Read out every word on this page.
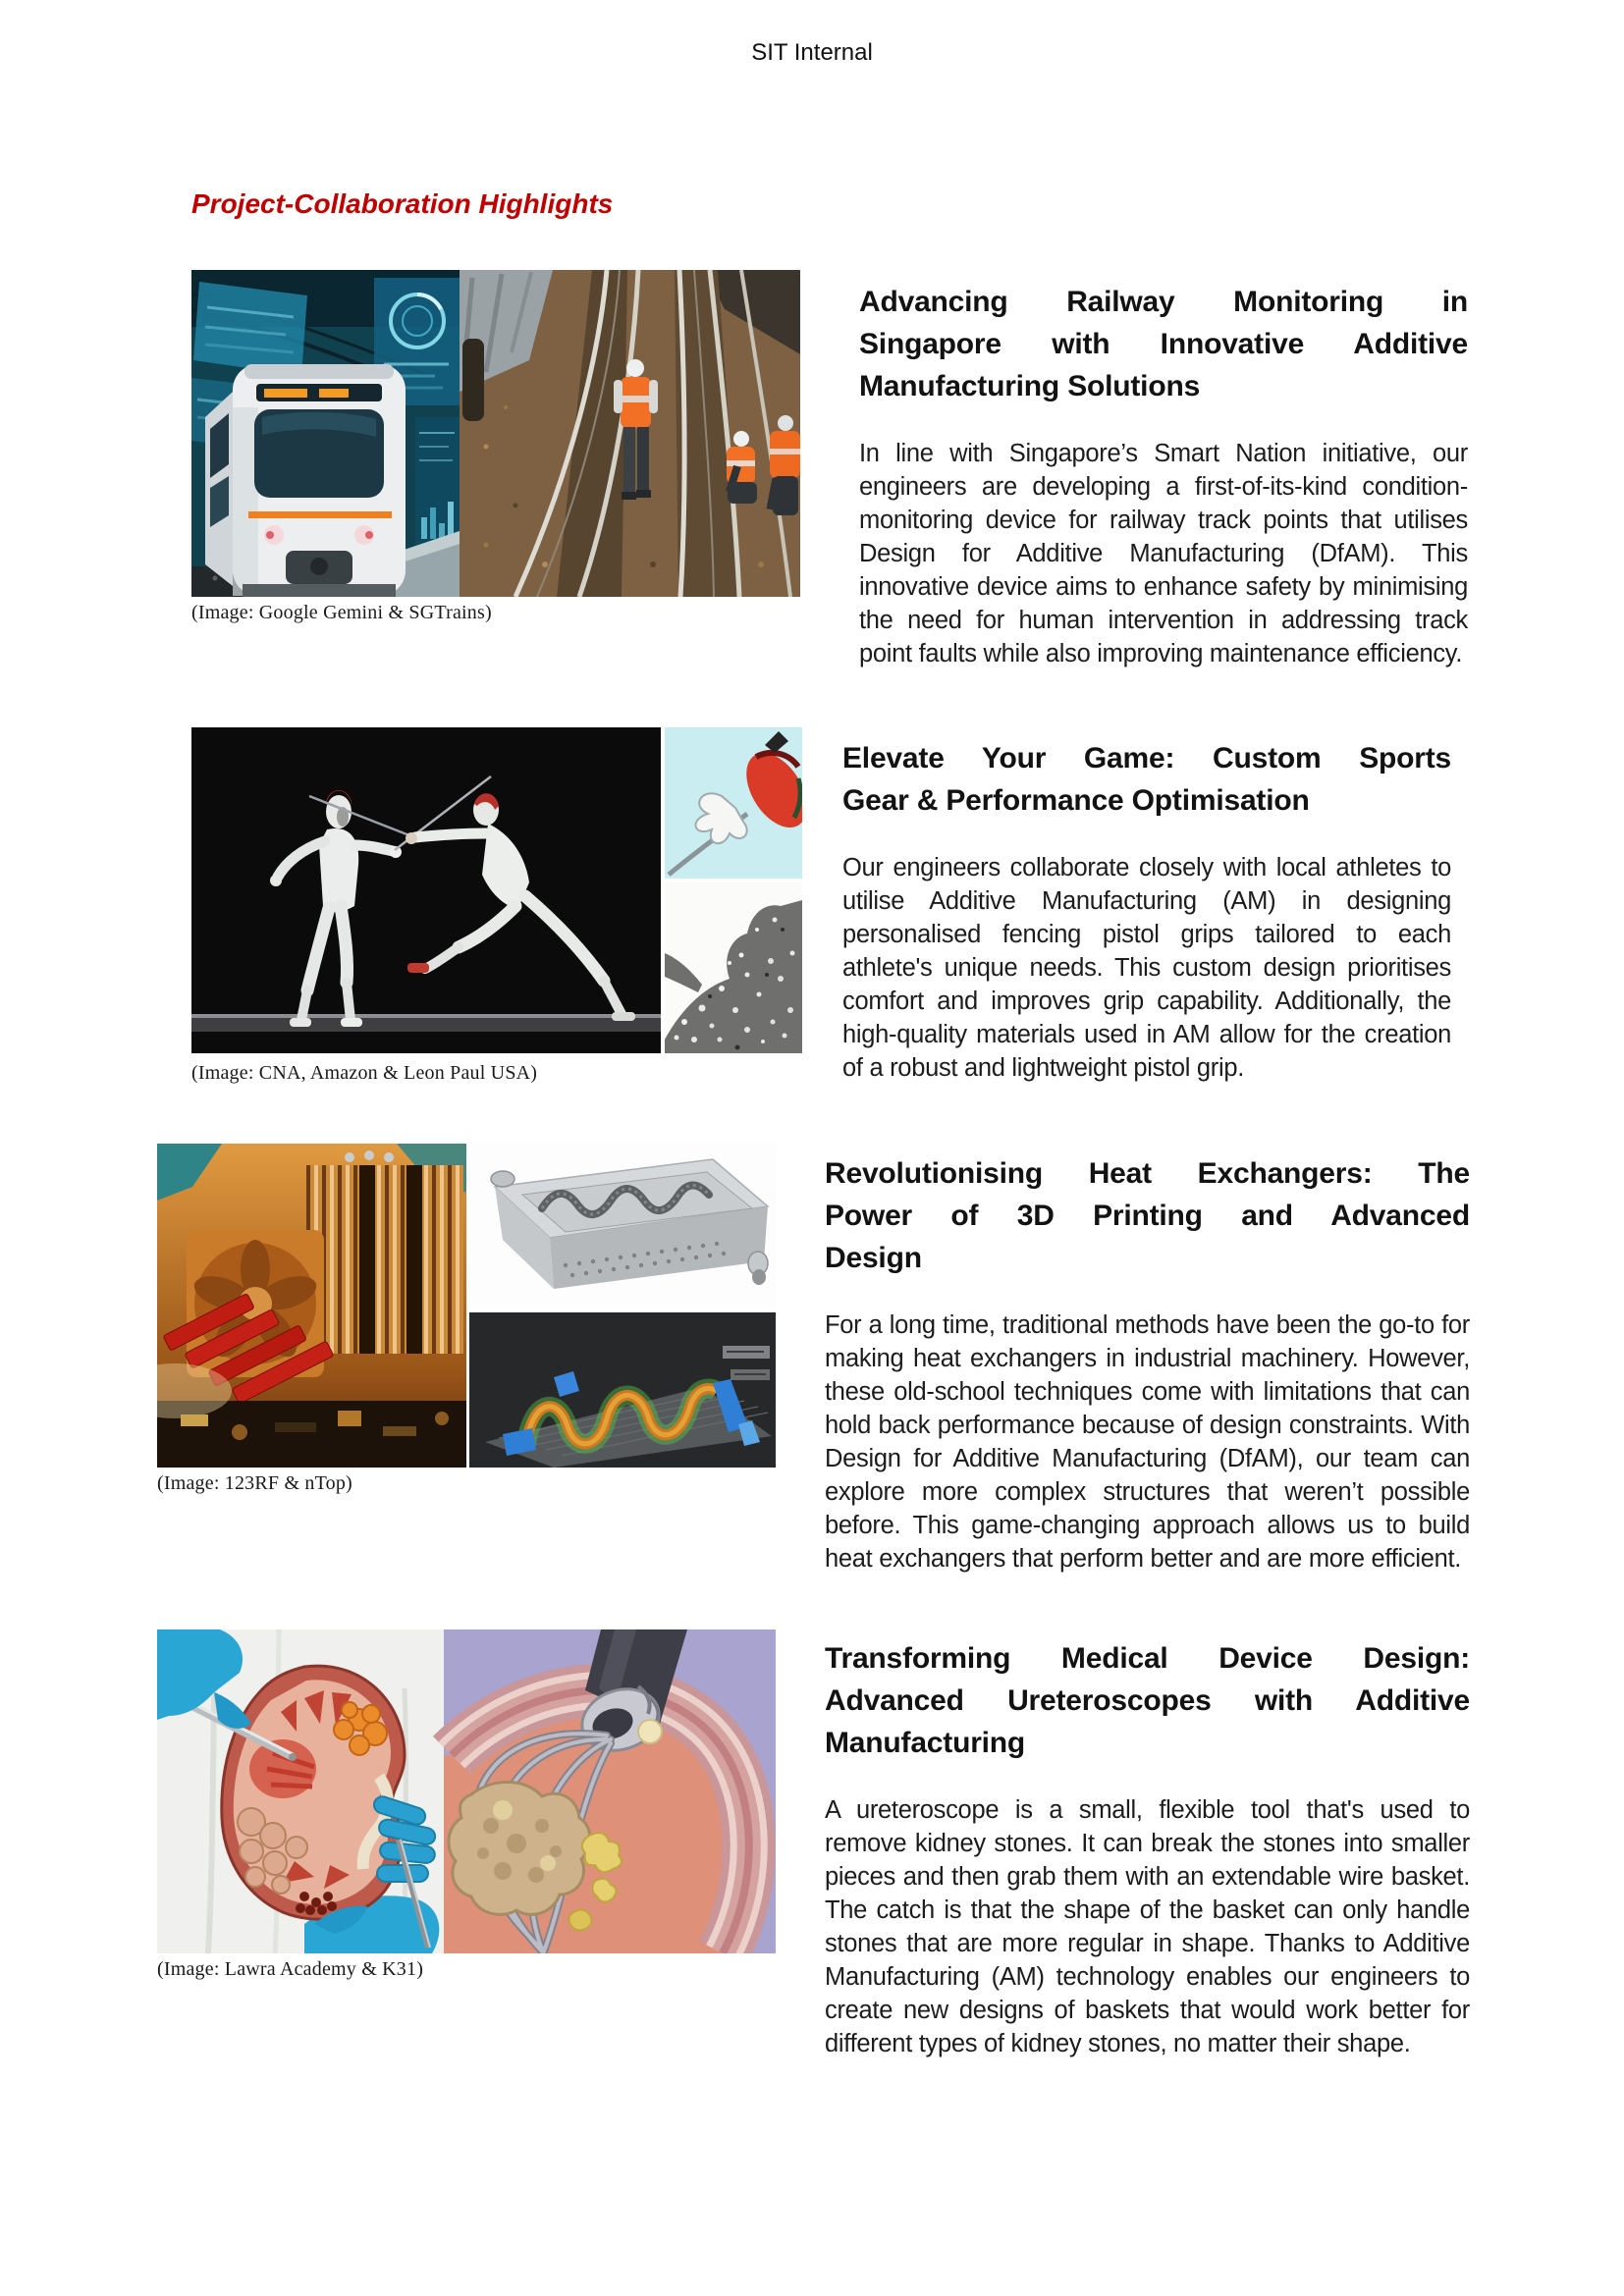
SIT Internal
Project-Collaboration Highlights
(Image: Google Gemini & SGTrains)
Advancing Railway Monitoring in
Singapore with Innovative Additive
Manufacturing Solutions

In line with Singapore’s Smart Nation initiative, our engineers are developing a first-of-its-kind condition-monitoring device for railway track points that utilises Design for Additive Manufacturing (DfAM). This innovative device aims to enhance safety by minimising the need for human intervention in addressing track point faults while also improving maintenance efficiency.

(Image: CNA, Amazon & Leon Paul USA)
Elevate Your Game: Custom Sports
Gear & Performance Optimisation

Our engineers collaborate closely with local athletes to utilise Additive Manufacturing (AM) in designing personalised fencing pistol grips tailored to each athlete's unique needs. This custom design prioritises comfort and improves grip capability. Additionally, the high-quality materials used in AM allow for the creation of a robust and lightweight pistol grip.

(Image: 123RF & nTop)
Revolutionising Heat Exchangers: The
Power of 3D Printing and Advanced
Design

For a long time, traditional methods have been the go-to for making heat exchangers in industrial machinery. However, these old-school techniques come with limitations that can hold back performance because of design constraints. With Design for Additive Manufacturing (DfAM), our team can explore more complex structures that weren’t possible before. This game-changing approach allows us to build heat exchangers that perform better and are more efficient.

(Image: Lawra Academy & K31)
Transforming Medical Device Design:
Advanced Ureteroscopes with Additive
Manufacturing

A ureteroscope is a small, flexible tool that's used to remove kidney stones. It can break the stones into smaller pieces and then grab them with an extendable wire basket. The catch is that the shape of the basket can only handle stones that are more regular in shape. Thanks to Additive Manufacturing (AM) technology enables our engineers to create new designs of baskets that would work better for different types of kidney stones, no matter their shape.
